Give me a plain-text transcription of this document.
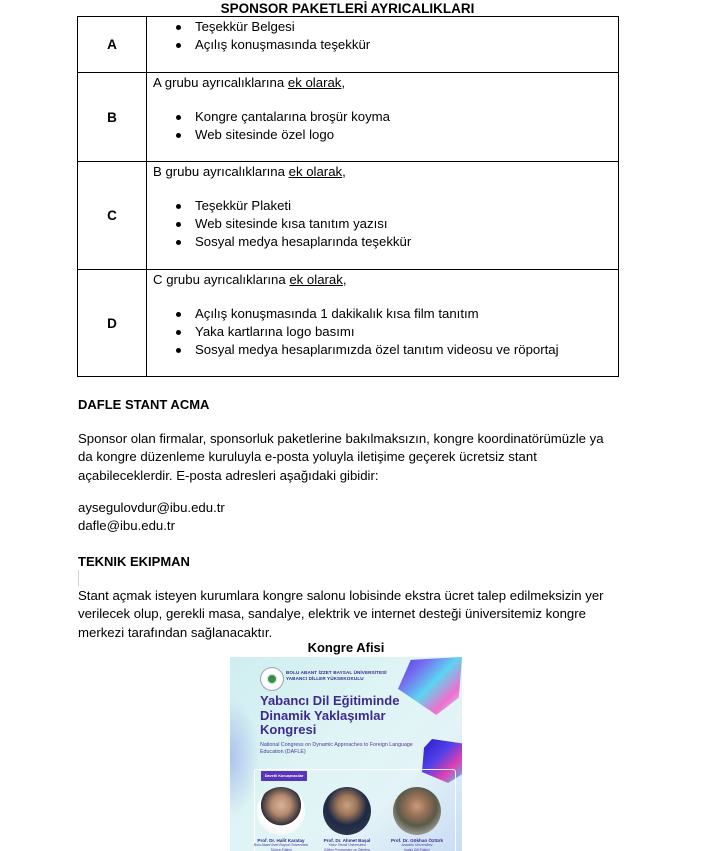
SPONSOR PAKETLERİ AYRICALIKLARI
A	
Teşekkür Belgesi
Açılış konuşmasında teşekkür

B	
A grubu ayrıcalıklarına ek olarak,
Kongre çantalarına broşür koyma
Web sitesinde özel logo

C	
B grubu ayrıcalıklarına ek olarak,
Teşekkür Plaketi
Web sitesinde kısa tanıtım yazısı
Sosyal medya hesaplarında teşekkür

D	
C grubu ayrıcalıklarına ek olarak,
Açılış konuşmasında 1 dakikalık kısa film tanıtım
Yaka kartlarına logo basımı
Sosyal medya hesaplarımızda özel tanıtım videosu ve röportaj
DAFLE STANT ACMA
Sponsor olan firmalar, sponsorluk paketlerine bakılmaksızın, kongre koordinatörümüzle ya da kongre düzenleme kuruluyla e-posta yoluyla iletişime geçerek ücretsiz stant açabileceklerdir. E-posta adresleri aşağıdaki gibidir:
aysegulovdur@ibu.edu.tr
dafle@ibu.edu.tr
TEKNIK EKIPMAN
Stant açmak isteyen kurumlara kongre salonu lobisinde ekstra ücret talep edilmeksizin yer verilecek olup, gerekli masa, sandalye, elektrik ve internet desteği üniversitemiz kongre merkezi tarafından sağlanacaktır.
Kongre Afisi
BOLU ABANT İZZET BAYSAL ÜNİVERSİTESİ
YABANCI DİLLER YÜKSEKOKULU
Yabancı Dil Eğitiminde Dinamik Yaklaşımlar Kongresi
National Congress on Dynamic Approaches to Foreign Language Education (DAFLE)
Davetli Konuşmacılar
Prof. Dr. Halit Karatay
Bolu Abant İzzet Baysal Üniversitesi
Türkçe Eğitimi
Prof. Dr. Ahmet Başal
Yıldız Teknik Üniversitesi
Eğitim Programları ve Öğretim
Prof. Dr. Gökhan Öztürk
Anadolu Üniversitesi
İngiliz Dili Eğitimi
